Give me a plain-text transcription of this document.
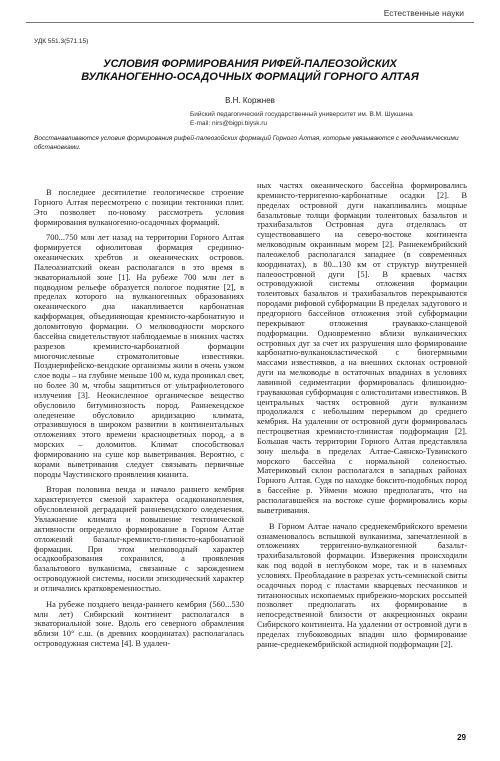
Естественные науки
УДК 551.3(571.15)
УСЛОВИЯ ФОРМИРОВАНИЯ РИФЕЙ-ПАЛЕОЗОЙСКИХ ВУЛКАНОГЕННО-ОСАДОЧНЫХ ФОРМАЦИЙ ГОРНОГО АЛТАЯ
В.Н. Коржнев
Бийский педагогический государственный университет им. В.М. Шукшина
E-mail: nirs@bigpi.biysk.ru
Восстанавливаются условия формирования рифей-палеозойских формаций Горного Алтая, которые увязываются с геодинамическими обстановками.

В последнее десятилетие геологическое строение Горного Алтая пересмотрено с позиции тектоники плит. Это позволяет по-новому рассмотреть условия формирования вулканогенно-осадочных формаций.

700...750 млн лет назад на территории Горного Алтая формируется офиолитовая формация срединно-океанических хребтов и океанических островов. Палеоазиатский океан располагался в это время в экваториальной зоне [1]. На рубеже 700 млн лет в подводном рельефе образуется пологое поднятие [2], в пределах которого на вулканогенных образованиях океанического дна накапливается карбонатная кафформация, объединяющая кремнисто-карбонатную и доломитовую формации. О мелководности морского бассейна свидетельствуют наблюдаемые в нижних частях разрезов кремнисто-карбонатной формации многочисленные строматолитовые известняки. Позднерифейско-вендские организмы жили в очень узком слое воды – на глубине меньше 100 м, куда проникал свет, но более 30 м, чтобы защититься от ультрафиолетового излучения [3]. Неокисленное органическое вещество обусловило битуминозность пород. Раннекендское оледенение обусловило аридизацию климата, отразившуюся в широком развитии в континентальных отложениях этого времени красноцветных пород, а в морских – доломитов. Климат способствовал формированию на суше кор выветривания. Вероятно, с корами выветривания следует связывать первичные породы Чаустинского проявления кианита.

Вторая половина венда и начало раннего кембрия характеризуется сменой характера осадконакопления, обусловленной деградацией ранневендского оледенения. Увлажнение климата и повышение тектонической активности определило формирование в Горном Алтае отложений базальт-кремнисто-глинисто-карбонатной формации. При этом мелководный характер осадкообразования сохранился, а проявления базальтового вулканизма, связанные с зарождением островодужной системы, носили эпизодический характер и отличались кратковременностью.

На рубеже позднего венда-раннего кембрия (560...530 млн лет) Сибирский континент располагался в экваториальной зоне. Вдоль его северного обрамления вблизи 10° с.ш. (в древних координатах) располагалась островодужная система [4]. В удален-

ных частях океанического бассейна формировались кремнисто-терригенно-карбонатные осадки [2]. В пределах островной дуги накапливались мощные базальтовые толщи формации толеитовых базальтов и трахибазальтов Островная дуга отделялась от существовавшего на северо-востоке континента мелководным окраинным морем [2]. Раннекембрийский палеожелоб располагался западнее (в современных координатах), в 80...130 км от структур внутренней палеоостровной дуги [5]. В краевых частях островодужной системы отложения формации толеитовых базальтов и трахибазальтов перекрываются породами рифовой субформации В пределах задугового и предгорного бассейнов отложения этой субформации перекрывают отложения граувакко-сланцевой подформации. Одновременно вблизи вулканических островных дуг за счет их разрушения шло формирование карбонатно-вулканокластической с биогермными массами известняков, а на внешних склонах островной дуги на мелководье в остаточных впадинах в условиях лавинной седиментации формировалась флишоидно-граувакковая субформация с олистолитами известняков. В центральных частях островной дуги вулканизм продолжался с небольшим перерывом до среднего кембрия. На удалении от островной дуги формировалась пестроцветная кремнисто-глинистая подформация [2]. Большая часть территории Горного Алтая представляла зону шельфа в пределах Алтае-Саянско-Тувинского морского бассейна с нормальной соленостью. Материковый склон располагался в западных районах Горного Алтая. Судя по находке боксито-подобных пород в бассейне р. Уймени можно предполагать, что на располагавшейся на востоке суше формировались коры выветривания.

В Горном Алтае начало среднекембрийского времени ознаменовалось вспышкой вулканизма, запечатленной в отложениях терригенно-вулканогенной базальт-трахибазальтовой формации. Извержения происходили как под водой в неглубоком море, так и в наземных условиях. Преобладание в разрезах усть-семинской свиты осадочных пород с пластами кварцевых песчаников и титаноносных ископаемых прибрежно-морских россыпей позволяет предполагать их формирование в непосредственной близости от аккреционных окраин Сибирского континента. На удалении от островной дуги в пределах глубоководных впадин шло формирование ранне-среднекембрийской аспидной подформации [2].

29
